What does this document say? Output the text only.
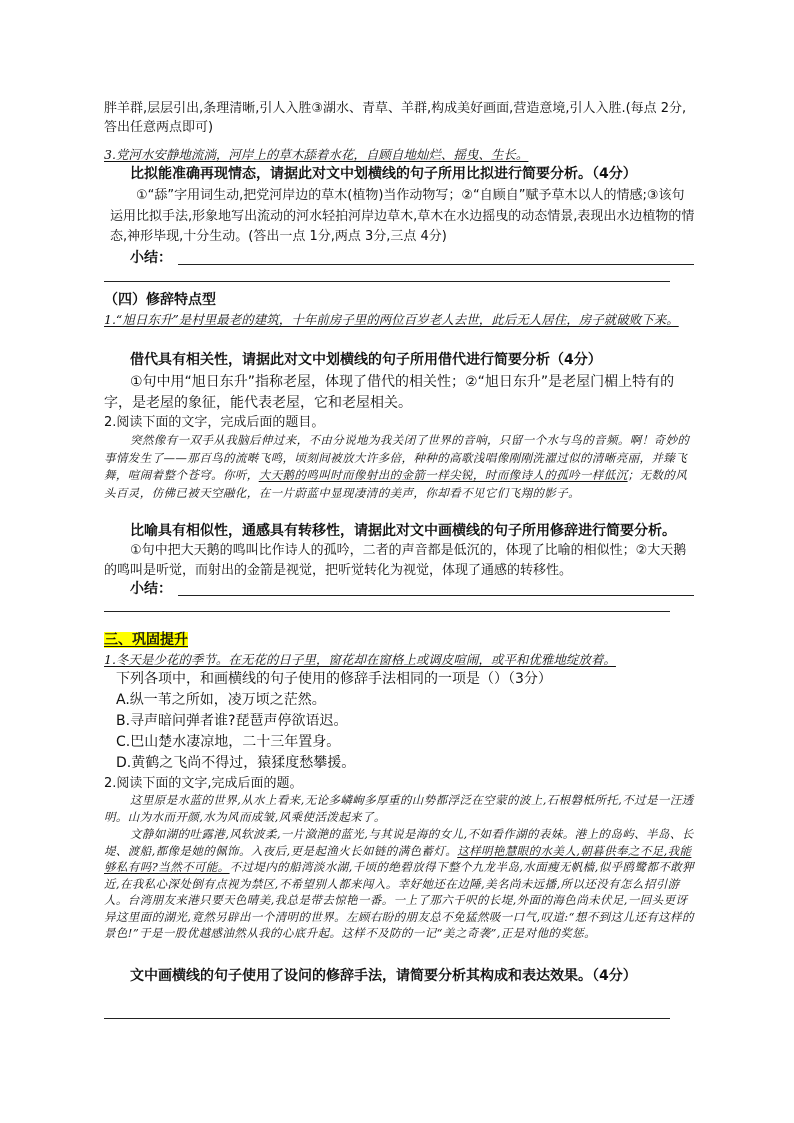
胖羊群,层层引出,条理清晰,引人入胜③湖水、青草、羊群,构成美好画面,营造意境,引人入胜.(每点 2分,答出任意两点即可)

3.党河水安静地流淌，河岸上的草木舔着水花，自顾自地灿烂、摇曳、生长。

比拟能准确再现情态，请据此对文中划横线的句子所用比拟进行简要分析。（4分）

①“舔”字用词生动,把党河岸边的草木(植物)当作动物写；②“自顾自”赋予草木以人的情感;③该句运用比拟手法,形象地写出流动的河水轻拍河岸边草木,草木在水边摇曳的动态情景,表现出水边植物的情态,神形毕现,十分生动。(答出一点 1分,两点 3分,三点 4分)

小结：

（四）修辞特点型

1.“旭日东升”是村里最老的建筑，十年前房子里的两位百岁老人去世，此后无人居住，房子就破败下来。

借代具有相关性，请据此对文中划横线的句子所用借代进行简要分析（4分）

①句中用“旭日东升”指称老屋，体现了借代的相关性；②“旭日东升”是老屋门楣上特有的字，是老屋的象征，能代表老屋，它和老屋相关。

2.阅读下面的文字，完成后面的题目。

突然像有一双手从我脑后伸过来，不由分说地为我关闭了世界的音响，只留一个水与鸟的音频。啊！奇妙的事情发生了——那百鸟的流啭飞鸣，顷刻间被放大许多倍，种种的高歌浅唱像刚刚洗濯过似的清晰亮丽，并臻飞舞，喧闹着整个苍穹。你听，大天鹅的鸣叫时而像射出的金箭一样尖锐，时而像诗人的孤吟一样低沉；无数的风头百灵，仿佛已被天空融化，在一片蔚蓝中显现凄清的美声，你却看不见它们飞翔的影子。

比喻具有相似性，通感具有转移性，请据此对文中画横线的句子所用修辞进行简要分析。

①句中把大天鹅的鸣叫比作诗人的孤吟，二者的声音都是低沉的，体现了比喻的相似性；②大天鹅的鸣叫是听觉，而射出的金箭是视觉，把听觉转化为视觉，体现了通感的转移性。

小结：

三、巩固提升

1.冬天是少花的季节。在无花的日子里，窗花却在窗格上或调皮喧闹，或平和优雅地绽放着。

下列各项中，和画横线的句子使用的修辞手法相同的一项是（）（3分）

A.纵一苇之所如，凌万顷之茫然。

B.寻声暗问弹者谁?琵琶声停欲语迟。

C.巴山楚水凄凉地，二十三年置身。

D.黄鹤之飞尚不得过，猿猱度愁攀援。

2.阅读下面的文字,完成后面的题。

这里原是水蓝的世界,从水上看来,无论多嶙峋多厚重的山势都浮泛在空蒙的波上,石根磐柢所托,不过是一汪透明。山为水而开颜,水为风而成皱,风乘使活泼起来了。

文静如湖的吐露港,风软波柔,一片潋滟的蓝光,与其说是海的女儿,不如看作湖的表妹。港上的岛屿、半岛、长堤、渡船,都像是她的佩饰。入夜后,更是起渔火长如链的满色蓄灯。这样明艳慧眼的水美人,朝暮供奉之不足,我能够私有吗?当然不可能。不过堤内的船湾淡水湖,千顷的绝碧放得下整个九龙半岛,水面瘦无帆樯,似乎鸥鹭都不敢狎近,在我私心深处倒有点视为禁区,不希望别人都来闯入。幸好她还在边陲,美名尚未远播,所以还没有怎么招引游人。台湾朋友来港只要天色晴美,我总是带去惊艳一番。一上了那六千呎的长堤,外面的海色尚未伏足,一回头更讶异这里面的湖光,竟然另辟出一个清明的世界。左顾右盼的朋友总不免猛然吸一口气,叹道:“想不到这儿还有这样的景色!”于是一股优越感油然从我的心底升起。这样不及防的一记“美之奇袭”,正是对他的奖惩。

文中画横线的句子使用了设问的修辞手法，请简要分析其构成和表达效果。（4分）
